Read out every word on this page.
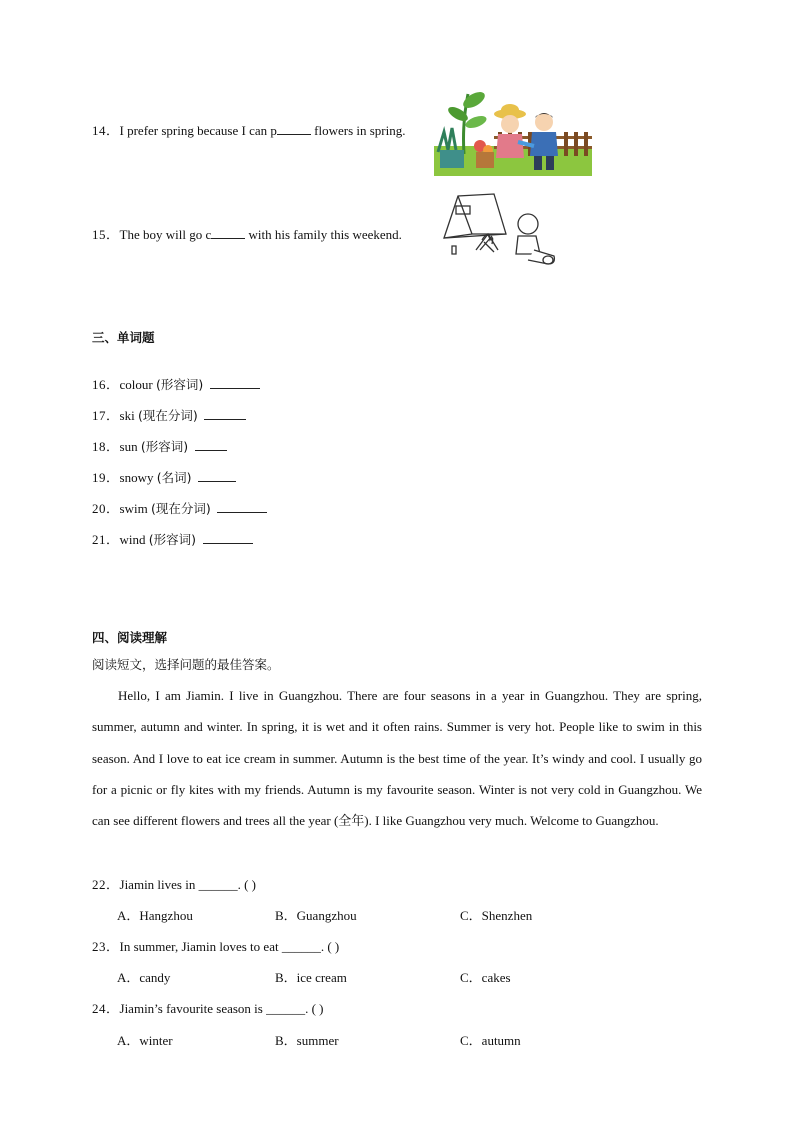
14．I prefer spring because I can p	flowers in spring.
15．The boy will go c	with his family this weekend.
三、单词题
16．colour (形容词)
17．ski (现在分词)
18．sun (形容词)
19．snowy (名词)
20．swim (现在分词)
21．wind (形容词)
四、阅读理解
阅读短文，选择问题的最佳答案。
Hello, I am Jiamin. I live in Guangzhou. There are four seasons in a year in Guangzhou. They are spring, summer, autumn and winter. In spring, it is wet and it often rains. Summer is very hot. People like to swim in this season. And I love to eat ice cream in summer. Autumn is the best time of the year. It’s windy and cool. I usually go for a picnic or fly kites with my friends. Autumn is my favourite season. Winter is not very cold in Guangzhou. We can see different flowers and trees all the year (全年). I like Guangzhou very much. Welcome to Guangzhou.
22．Jiamin lives in ______. ( )
A．Hangzhou	B．Guangzhou	C．Shenzhen
23．In summer, Jiamin loves to eat ______. ( )
A．candy	B．ice cream	C．cakes
24．Jiamin’s favourite season is ______. ( )
A．winter	B．summer	C．autumn
